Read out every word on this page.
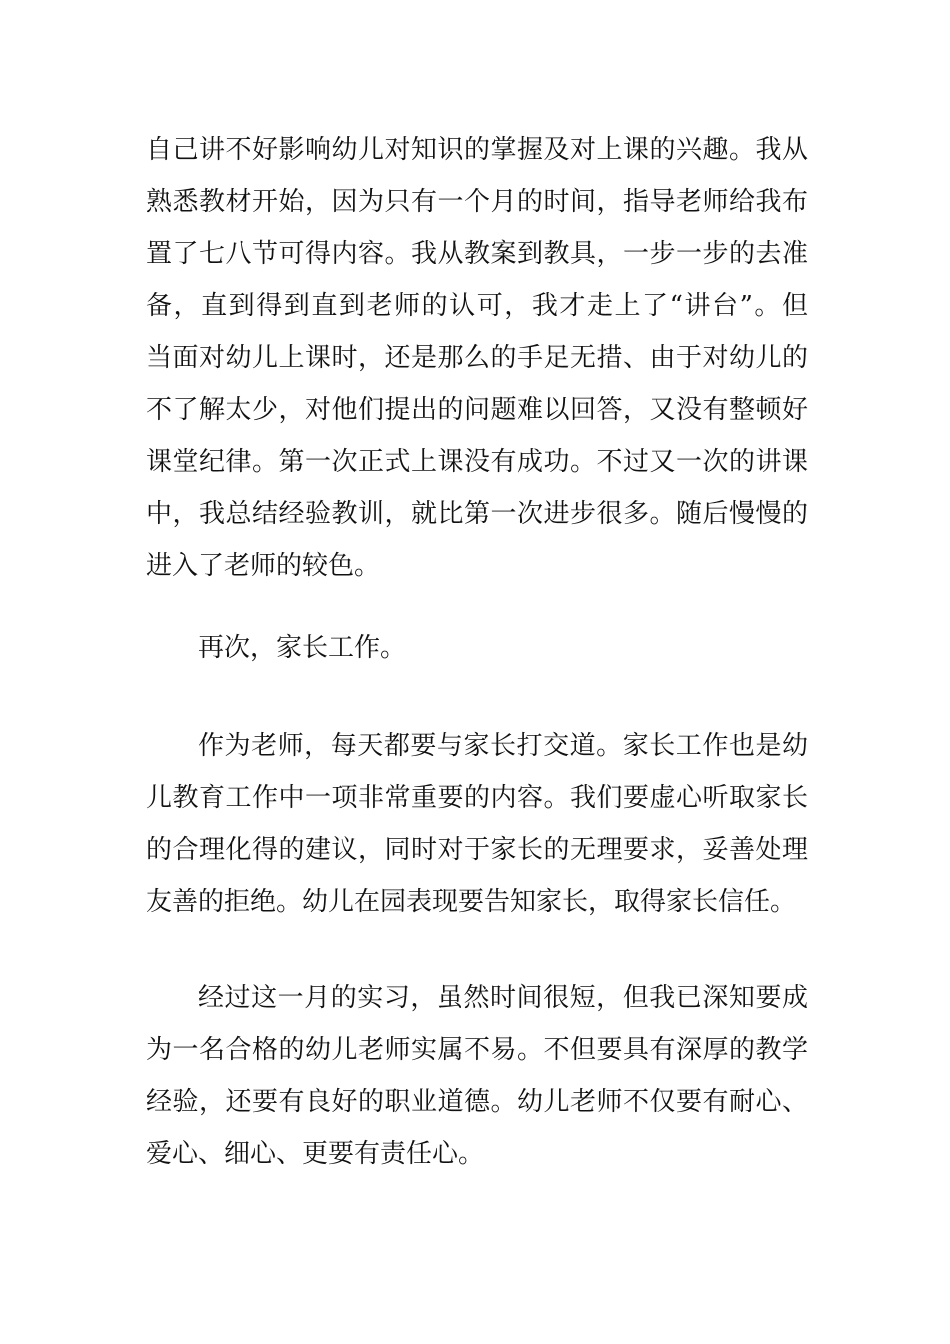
自己讲不好影响幼儿对知识的掌握及对上课的兴趣。我从
熟悉教材开始，因为只有一个月的时间，指导老师给我布
置了七八节可得内容。我从教案到教具，一步一步的去准
备，直到得到直到老师的认可，我才走上了“讲台”。但
当面对幼儿上课时，还是那么的手足无措、由于对幼儿的
不了解太少，对他们提出的问题难以回答，又没有整顿好
课堂纪律。第一次正式上课没有成功。不过又一次的讲课
中，我总结经验教训，就比第一次进步很多。随后慢慢的
进入了老师的较色。
再次，家长工作。
作为老师，每天都要与家长打交道。家长工作也是幼
儿教育工作中一项非常重要的内容。我们要虚心听取家长
的合理化得的建议，同时对于家长的无理要求，妥善处理
友善的拒绝。幼儿在园表现要告知家长，取得家长信任。
经过这一月的实习，虽然时间很短，但我已深知要成
为一名合格的幼儿老师实属不易。不但要具有深厚的教学
经验，还要有良好的职业道德。幼儿老师不仅要有耐心、
爱心、细心、更要有责任心。
